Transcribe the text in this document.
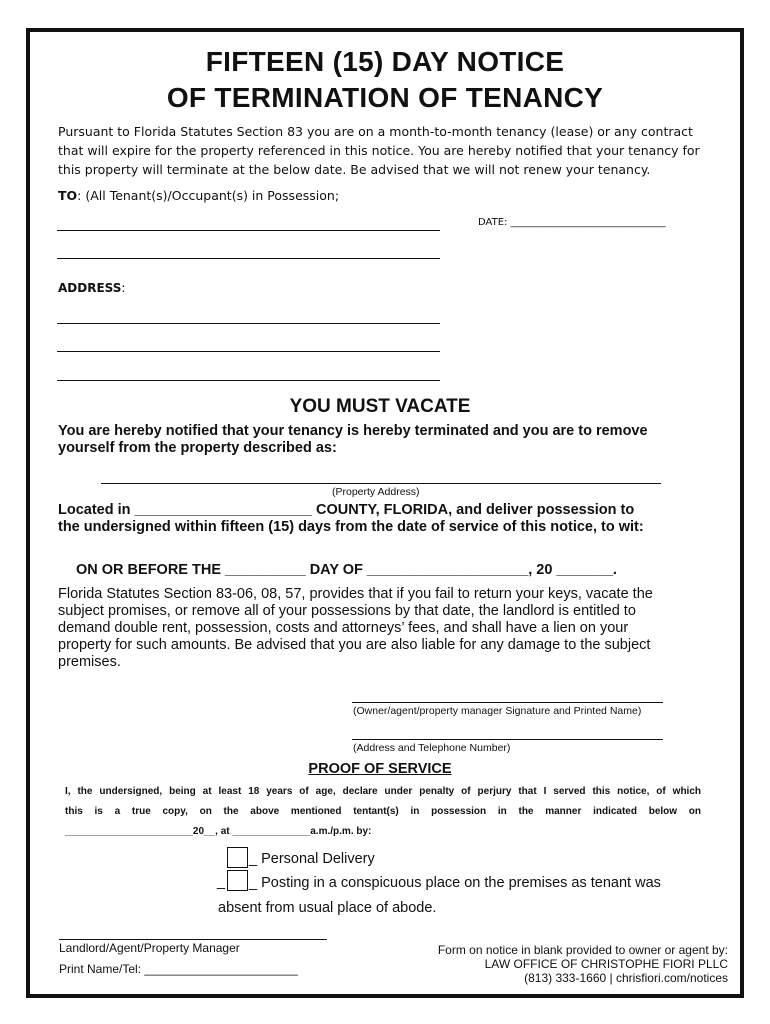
FIFTEEN (15) DAY NOTICE
OF TERMINATION OF TENANCY
Pursuant to Florida Statutes Section 83 you are on a month-to-month tenancy (lease) or any contract that will expire for the property referenced in this notice. You are hereby notified that your tenancy for this property will terminate at the below date. Be advised that we will not renew your tenancy.
TO: (All Tenant(s)/Occupant(s) in Possession;
DATE: _______________________________
ADDRESS:
YOU MUST VACATE
You are hereby notified that your tenancy is hereby terminated and you are to remove
yourself from the property described as:
(Property Address)
Located in ______________________ COUNTY, FLORIDA, and deliver possession to
the undersigned within fifteen (15) days from the date of service of this notice, to wit:
ON OR BEFORE THE __________ DAY OF ____________________, 20 _______.
Florida Statutes Section 83-06, 08, 57, provides that if you fail to return your keys, vacate the
subject promises, or remove all of your possessions by that date, the landlord is entitled to
demand double rent, possession, costs and attorneys’ fees, and shall have a lien on your
property for such amounts. Be advised that you are also liable for any damage to the subject
premises.
(Owner/agent/property manager Signature and Printed Name)
(Address and Telephone Number)
PROOF OF SERVICE
I, the undersigned, being at least 18 years of age, declare under penalty of perjury that I served this notice, of which
this is a true copy, on the above mentioned tentant(s) in possession in the manner indicated below on
_______________________20__, at ______________a.m./p.m. by:
_ Personal Delivery
_ _ Posting in a conspicuous place on the premises as tenant was
absent from usual place of abode.
Landlord/Agent/Property Manager
Print Name/Tel: _______________________
Form on notice in blank provided to owner or agent by:
LAW OFFICE OF CHRISTOPHE FIORI PLLC
(813) 333-1660 | chrisfiori.com/notices
